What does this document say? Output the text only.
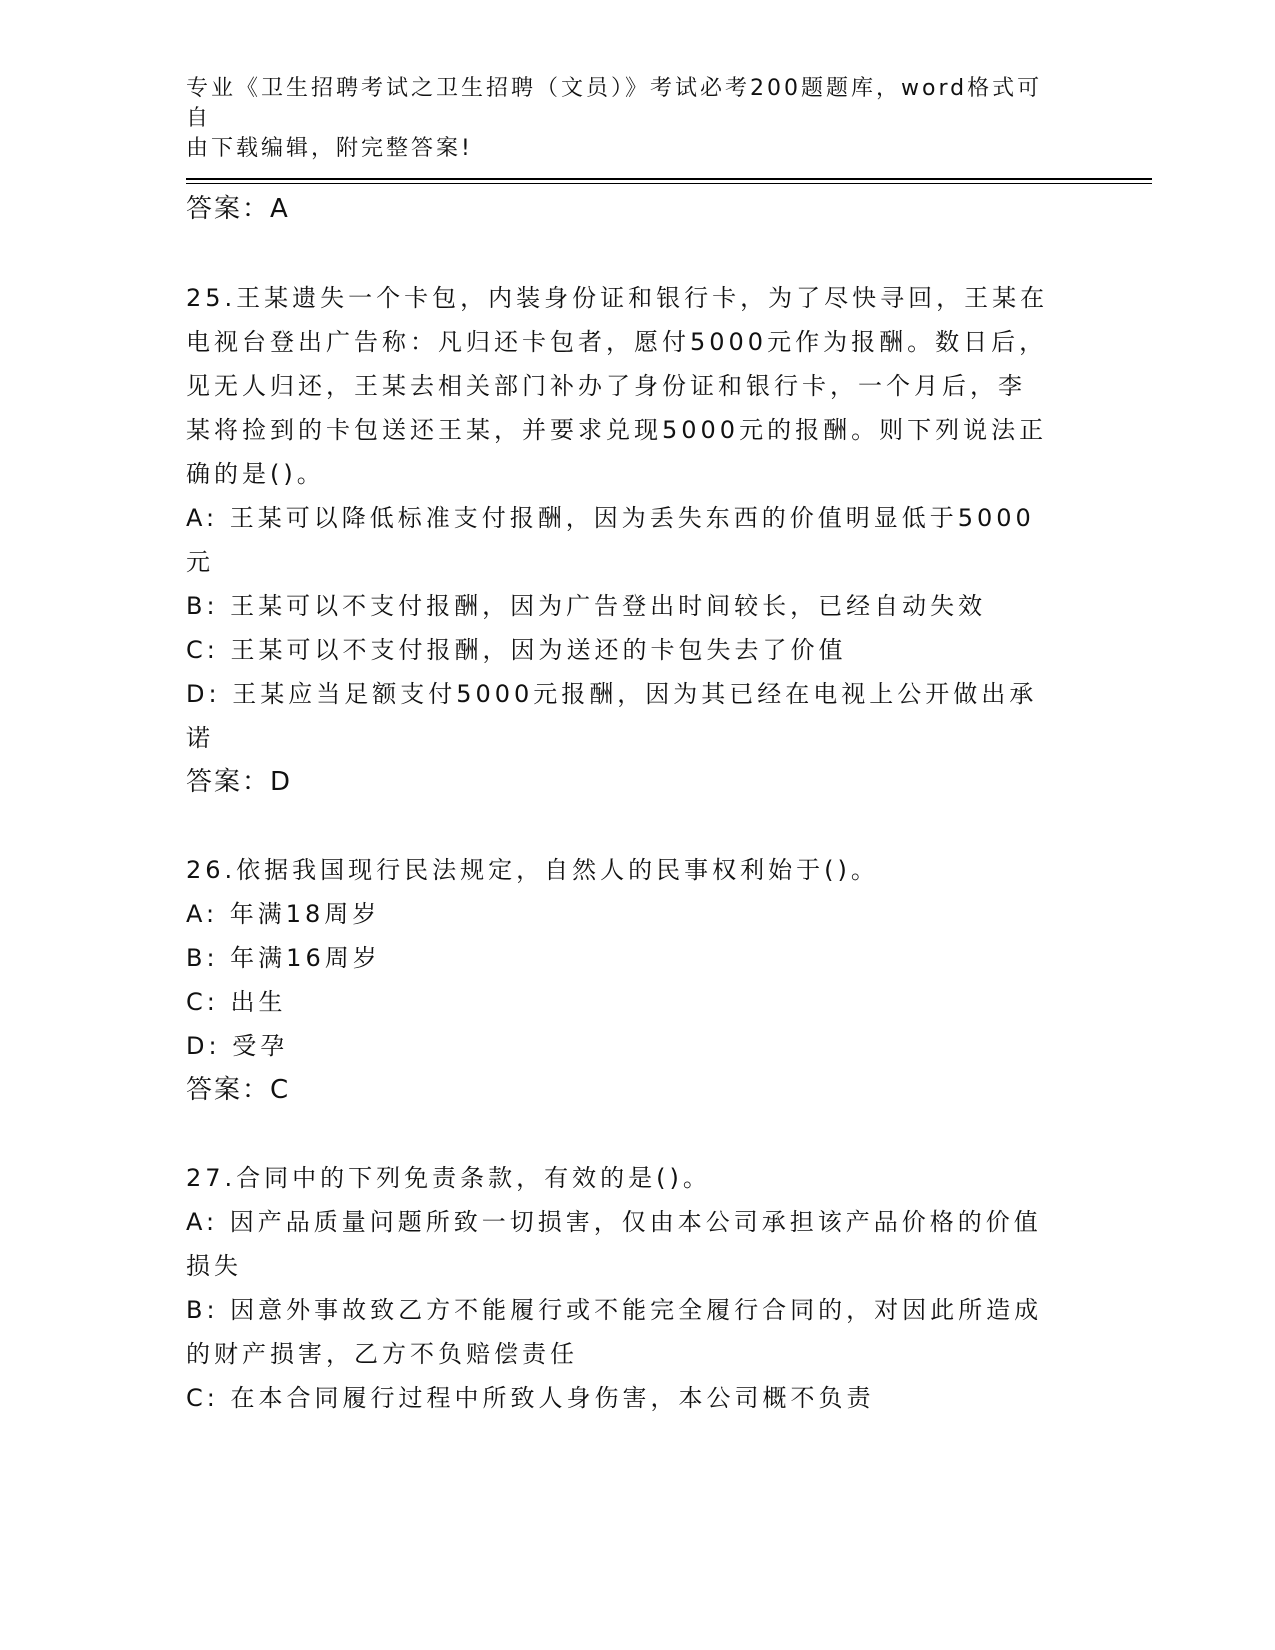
专业《卫生招聘考试之卫生招聘（文员）》考试必考200题题库，word格式可自
由下载编辑，附完整答案!
答案：A
25.王某遗失一个卡包，内装身份证和银行卡，为了尽快寻回，王某在
电视台登出广告称：凡归还卡包者，愿付5000元作为报酬。数日后，
见无人归还，王某去相关部门补办了身份证和银行卡，一个月后，李
某将捡到的卡包送还王某，并要求兑现5000元的报酬。则下列说法正
确的是()。
A: 王某可以降低标准支付报酬，因为丢失东西的价值明显低于5000
元
B: 王某可以不支付报酬，因为广告登出时间较长，已经自动失效
C: 王某可以不支付报酬，因为送还的卡包失去了价值
D: 王某应当足额支付5000元报酬，因为其已经在电视上公开做出承
诺
答案：D
26.依据我国现行民法规定，自然人的民事权利始于()。
A: 年满18周岁
B: 年满16周岁
C: 出生
D: 受孕
答案：C
27.合同中的下列免责条款，有效的是()。
A: 因产品质量问题所致一切损害，仅由本公司承担该产品价格的价值
损失
B: 因意外事故致乙方不能履行或不能完全履行合同的，对因此所造成
的财产损害，乙方不负赔偿责任
C: 在本合同履行过程中所致人身伤害，本公司概不负责
